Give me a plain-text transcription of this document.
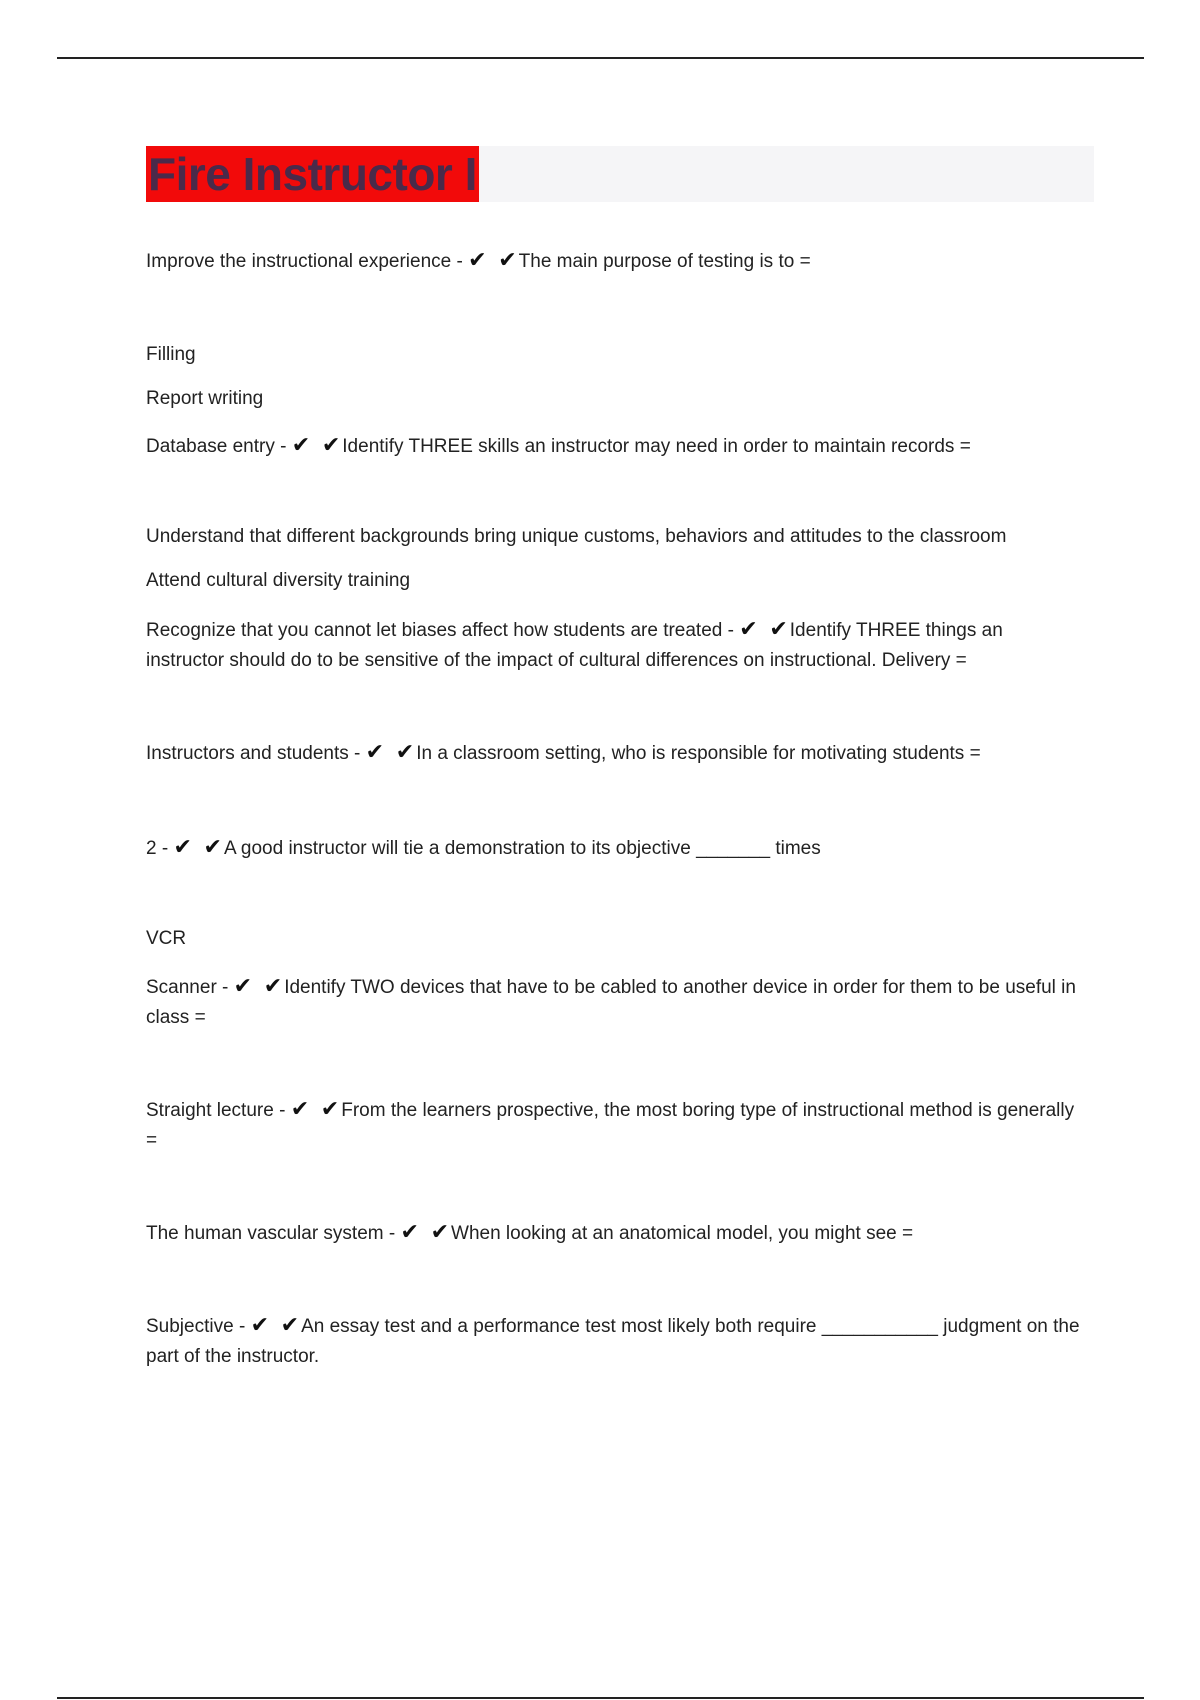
Fire Instructor I
Improve the instructional experience - ✔ ✔The main purpose of testing is to =
Filling
Report writing
Database entry - ✔ ✔Identify THREE skills an instructor may need in order to maintain records =
Understand that different backgrounds bring unique customs, behaviors and attitudes to the classroom
Attend cultural diversity training
Recognize that you cannot let biases affect how students are treated - ✔ ✔Identify THREE things an instructor should do to be sensitive of the impact of cultural differences on instructional. Delivery =
Instructors and students - ✔ ✔In a classroom setting, who is responsible for motivating students =
2 - ✔ ✔A good instructor will tie a demonstration to its objective _______ times
VCR
Scanner - ✔ ✔Identify TWO devices that have to be cabled to another device in order for them to be useful in class =
Straight lecture - ✔ ✔From the learners prospective, the most boring type of instructional method is generally =
The human vascular system - ✔ ✔When looking at an anatomical model, you might see =
Subjective - ✔ ✔An essay test and a performance test most likely both require ___________ judgment on the part of the instructor.
